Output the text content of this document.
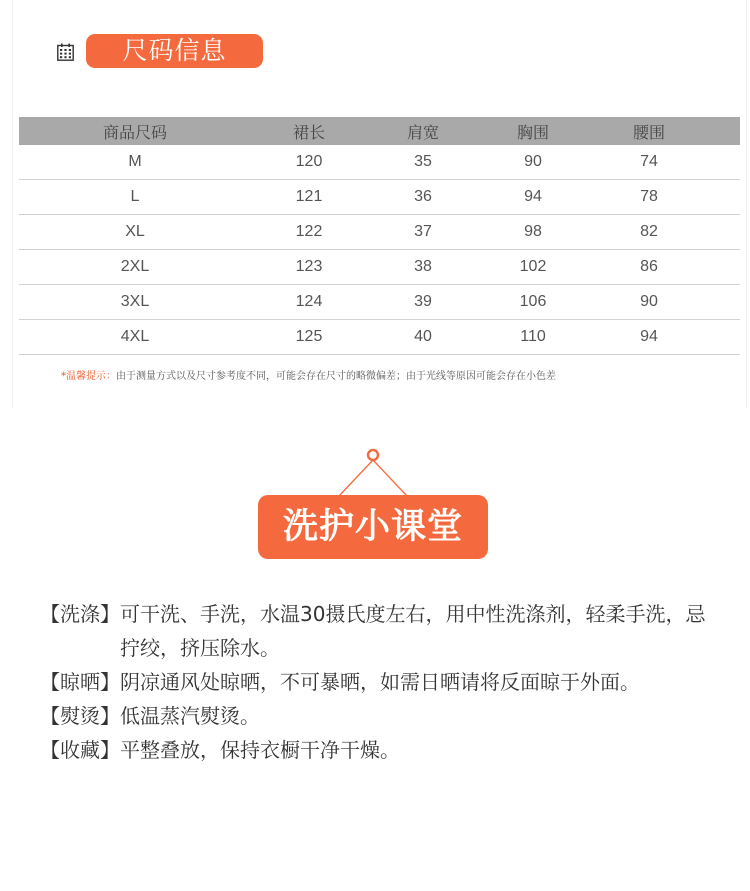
尺码信息
商品尺码	裙长	肩宽	胸围	腰围	
M	120	35	90	74	
L	121	36	94	78	
XL	122	37	98	82	
2XL	123	38	102	86	
3XL	124	39	106	90	
4XL	125	40	110	94	
*温馨提示：由于测量方式以及尺寸参考度不同，可能会存在尺寸的略微偏差；由于光线等原因可能会存在小色差
洗护小课堂
【洗涤】 可干洗、手洗，水温30摄氏度左右，用中性洗涤剂，轻柔手洗，忌拧绞，挤压除水。
【晾晒】 阴凉通风处晾晒，不可暴晒，如需日晒请将反面晾于外面。
【熨烫】 低温蒸汽熨烫。
【收藏】 平整叠放，保持衣橱干净干燥。
